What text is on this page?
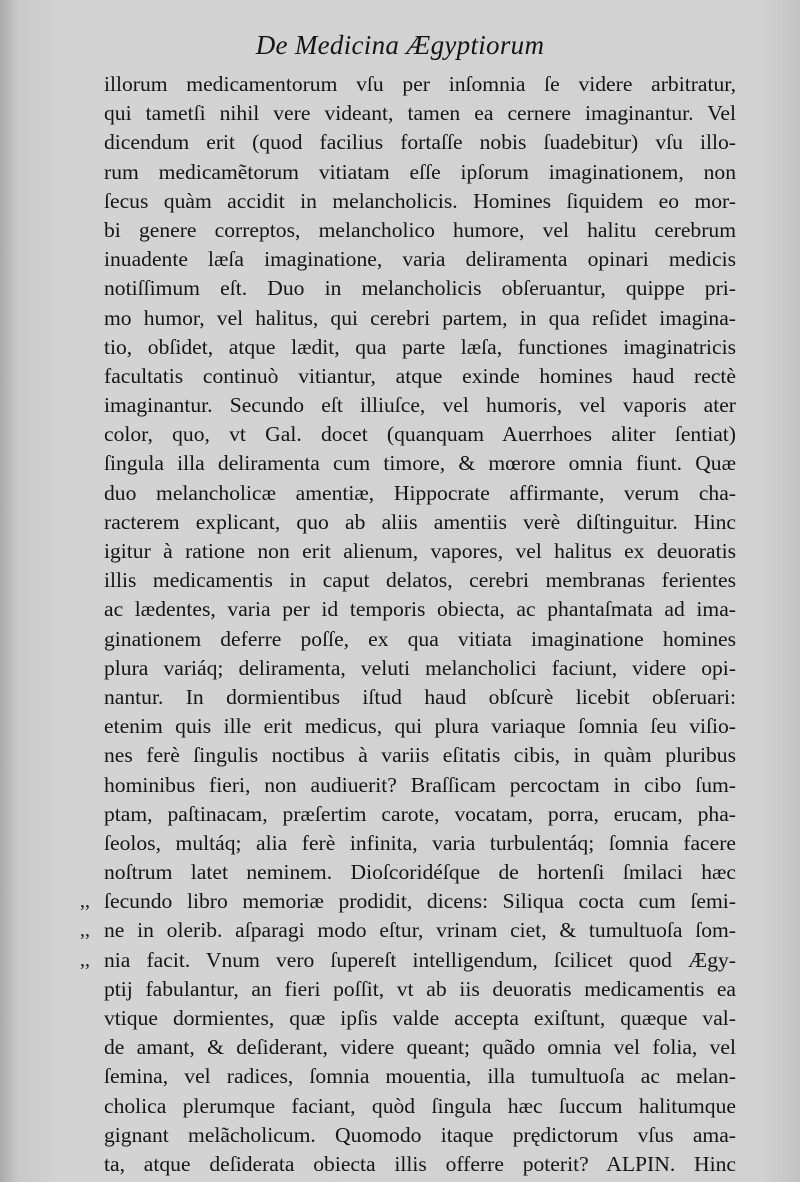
De Medicina Ægyptiorum
illorum medicamentorum vſu per inſomnia ſe videre arbitratur,
qui tametſi nihil vere videant, tamen ea cernere imaginantur. Vel
dicendum erit (quod facilius fortaſſe nobis ſuadebitur) vſu illo-
rum medicamẽtorum vitiatam eſſe ipſorum imaginationem, non
ſecus quàm accidit in melancholicis. Homines ſiquidem eo mor-
bi genere correptos, melancholico humore, vel halitu cerebrum
inuadente læſa imaginatione, varia deliramenta opinari medicis
notiſſimum eſt. Duo in melancholicis obſeruantur, quippe pri-
mo humor, vel halitus, qui cerebri partem, in qua reſidet imagina-
tio, obſidet, atque lædit, qua parte læſa, functiones imaginatricis
facultatis continuò vitiantur, atque exinde homines haud rectè
imaginantur. Secundo eſt illiuſce, vel humoris, vel vaporis ater
color, quo, vt Gal. docet (quanquam Auerrhoes aliter ſentiat)
ſingula illa deliramenta cum timore, & mœrore omnia fiunt. Quæ
duo melancholicæ amentiæ, Hippocrate affirmante, verum cha-
racterem explicant, quo ab aliis amentiis verè diſtinguitur. Hinc
igitur à ratione non erit alienum, vapores, vel halitus ex deuoratis
illis medicamentis in caput delatos, cerebri membranas ferientes
ac lædentes, varia per id temporis obiecta, ac phantaſmata ad ima-
ginationem deferre poſſe, ex qua vitiata imaginatione homines
plura variáq; deliramenta, veluti melancholici faciunt, videre opi-
nantur. In dormientibus iſtud haud obſcurè licebit obſeruari:
etenim quis ille erit medicus, qui plura variaque ſomnia ſeu viſio-
nes ferè ſingulis noctibus à variis eſitatis cibis, in quàm pluribus
hominibus fieri, non audiuerit? Braſſicam percoctam in cibo ſum-
ptam, paſtinacam, præſertim carote, vocatam, porra, erucam, pha-
ſeolos, multáq; alia ferè infinita, varia turbulentáq; ſomnia facere
noſtrum latet neminem. Dioſcoridéſque de hortenſi ſmilaci hæc
,, ſecundo libro memoriæ prodidit, dicens: Siliqua cocta cum ſemi-
,, ne in olerib. aſparagi modo eſtur, vrinam ciet, & tumultuoſa ſom-
,, nia facit. Vnum vero ſupereſt intelligendum, ſcilicet quod Ægy-
ptij fabulantur, an fieri poſſit, vt ab iis deuoratis medicamentis ea
vtique dormientes, quæ ipſis valde accepta exiſtunt, quæque val-
de amant, & deſiderant, videre queant; quãdo omnia vel folia, vel
ſemina, vel radices, ſomnia mouentia, illa tumultuoſa ac melan-
cholica plerumque faciant, quòd ſingula hæc ſuccum halitumque
gignant melãcholicum. Quomodo itaque prędictorum vſus ama-
ta, atque deſiderata obiecta illis offerre poterit? ALPIN. Hinc
